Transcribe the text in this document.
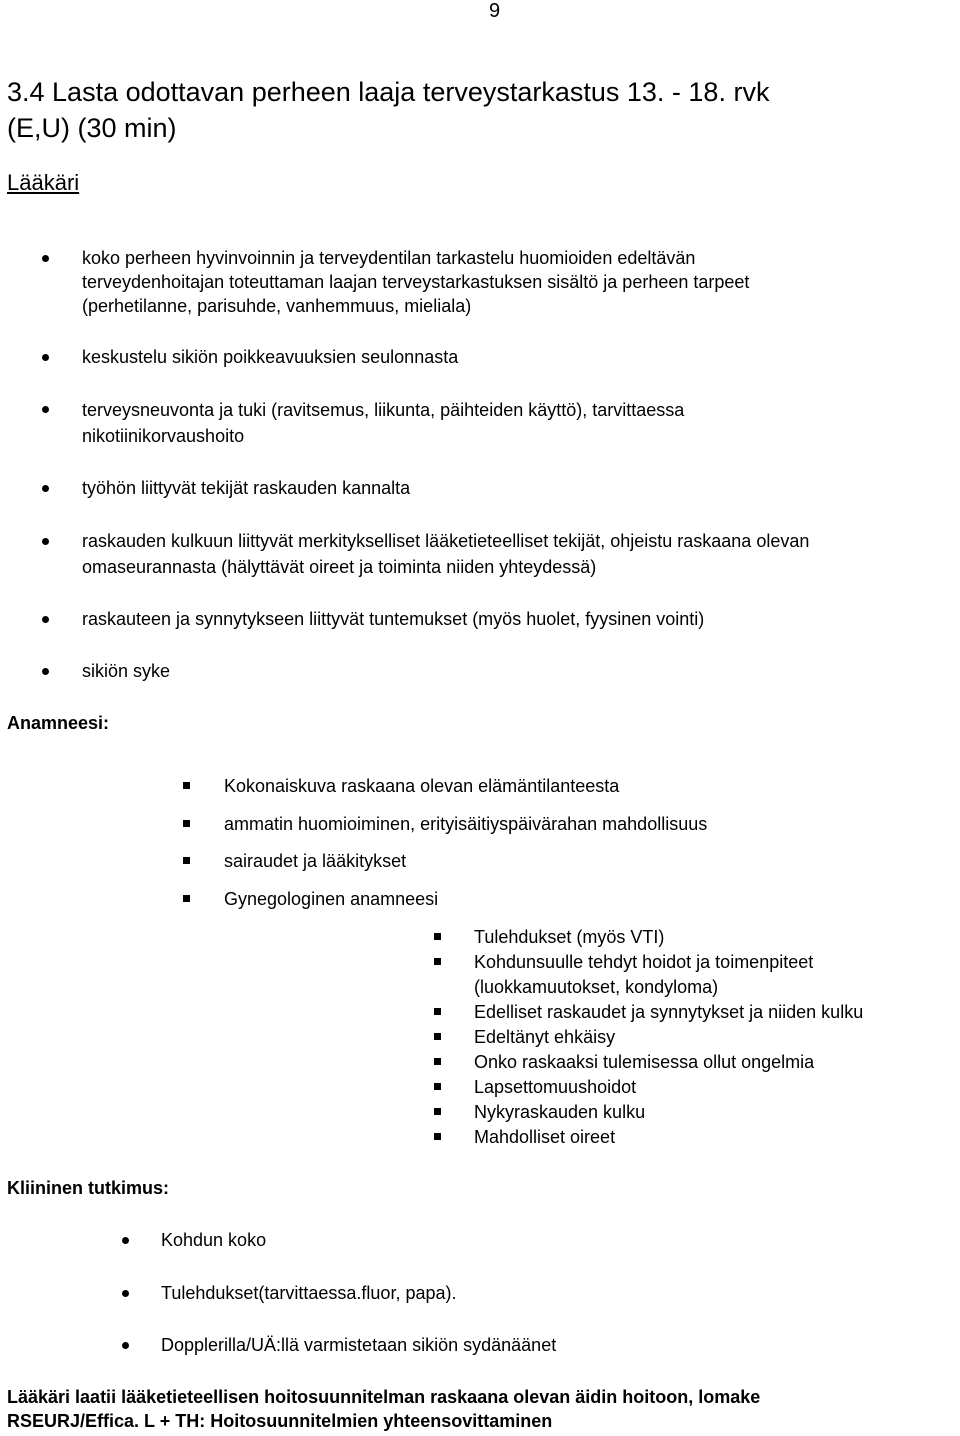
9
3.4 Lasta odottavan perheen laaja terveystarkastus 13. - 18. rvk
(E,U) (30 min)
Lääkäri
koko perheen hyvinvoinnin ja terveydentilan tarkastelu huomioiden edeltävän
terveydenhoitajan toteuttaman laajan terveystarkastuksen sisältö ja perheen tarpeet
(perhetilanne, parisuhde, vanhemmuus, mieliala)
keskustelu sikiön poikkeavuuksien seulonnasta
terveysneuvonta ja tuki (ravitsemus, liikunta, päihteiden käyttö), tarvittaessa
nikotiinikorvaushoito
työhön liittyvät tekijät raskauden kannalta
raskauden kulkuun liittyvät merkitykselliset lääketieteelliset tekijät, ohjeistu raskaana olevan
omaseurannasta (hälyttävät oireet ja toiminta niiden yhteydessä)
raskauteen ja synnytykseen liittyvät tuntemukset (myös huolet, fyysinen vointi)
sikiön syke
Anamneesi:
Kokonaiskuva raskaana olevan elämäntilanteesta
ammatin huomioiminen, erityisäitiyspäivärahan mahdollisuus
sairaudet ja lääkitykset
Gynegologinen anamneesi
Tulehdukset (myös VTI)
Kohdunsuulle tehdyt hoidot ja toimenpiteet
(luokkamuutokset, kondyloma)
Edelliset raskaudet ja synnytykset ja niiden kulku
Edeltänyt ehkäisy
Onko raskaaksi tulemisessa ollut ongelmia
Lapsettomuushoidot
Nykyraskauden kulku
Mahdolliset oireet
Kliininen tutkimus:
Kohdun koko
Tulehdukset(tarvittaessa.fluor, papa).
Dopplerilla/UÄ:llä varmistetaan sikiön sydänäänet
Lääkäri laatii lääketieteellisen hoitosuunnitelman raskaana olevan äidin hoitoon, lomake
RSEURJ/Effica. L + TH: Hoitosuunnitelmien yhteensovittaminen
